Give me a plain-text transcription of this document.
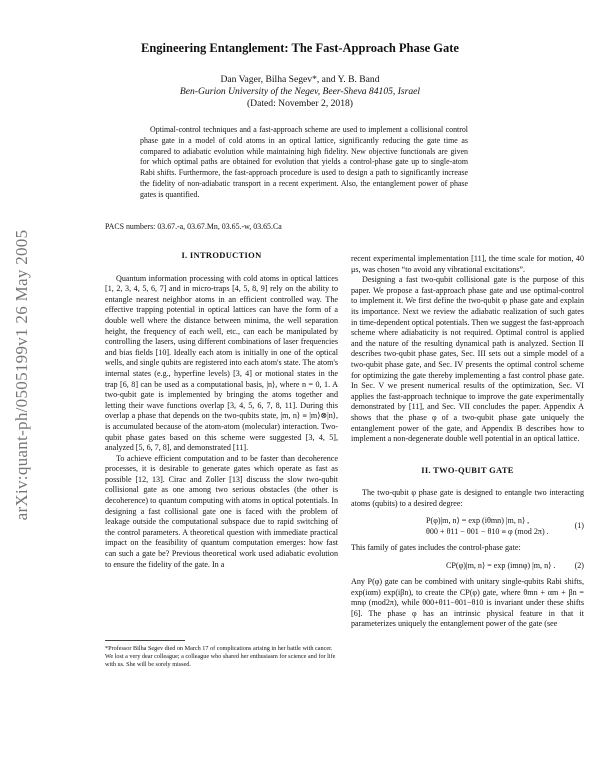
arXiv:quant-ph/0505199v1 26 May 2005
Engineering Entanglement: The Fast-Approach Phase Gate
Dan Vager, Bilha Segev*, and Y. B. Band
Ben-Gurion University of the Negev, Beer-Sheva 84105, Israel
(Dated: November 2, 2018)

Optimal-control techniques and a fast-approach scheme are used to implement a collisional control phase gate in a model of cold atoms in an optical lattice, significantly reducing the gate time as compared to adiabatic evolution while maintaining high fidelity. New objective functionals are given for which optimal paths are obtained for evolution that yields a control-phase gate up to single-atom Rabi shifts. Furthermore, the fast-approach procedure is used to design a path to significantly increase the fidelity of non-adiabatic transport in a recent experiment. Also, the entanglement power of phase gates is quantified.

PACS numbers: 03.67.-a, 03.67.Mn, 03.65.-w, 03.65.Ca
I. INTRODUCTION

Quantum information processing with cold atoms in optical lattices [1, 2, 3, 4, 5, 6, 7] and in micro-traps [4, 5, 8, 9] rely on the ability to entangle nearest neighbor atoms in an efficient controlled way. The effective trapping potential in optical lattices can have the form of a double well where the distance between minima, the well separation height, the frequency of each well, etc., can each be manipulated by controlling the lasers, using different combinations of laser frequencies and bias fields [10]. Ideally each atom is initially in one of the optical wells, and single qubits are registered into each atom's state. The atom's internal states (e.g., hyperfine levels) [3, 4] or motional states in the trap [6, 8] can be used as a computational basis, |n⟩, where n = 0, 1. A two-qubit gate is implemented by bringing the atoms together and letting their wave functions overlap [3, 4, 5, 6, 7, 8, 11]. During this overlap a phase that depends on the two-qubits state, |m, n⟩ ≡ |m⟩⊗|n⟩, is accumulated because of the atom-atom (molecular) interaction. Two-qubit phase gates based on this scheme were suggested [3, 4, 5], analyzed [5, 6, 7, 8], and demonstrated [11].

To achieve efficient computation and to be faster than decoherence processes, it is desirable to generate gates which operate as fast as possible [12, 13]. Cirac and Zoller [13] discuss the slow two-qubit collisional gate as one among two serious obstacles (the other is decoherence) to quantum computing with atoms in optical potentials. In designing a fast collisional gate one is faced with the problem of leakage outside the computational subspace due to rapid switching of the control parameters. A theoretical question with immediate practical impact on the feasibility of quantum computation emerges: how fast can such a gate be? Previous theoretical work used adiabatic evolution to ensure the fidelity of the gate. In a

recent experimental implementation [11], the time scale for motion, 40 μs, was chosen “to avoid any vibrational excitations”.

Designing a fast two-qubit collisional gate is the purpose of this paper. We propose a fast-approach phase gate and use optimal-control to implement it. We first define the two-qubit φ phase gate and explain its importance. Next we review the adiabatic realization of such gates in time-dependent optical potentials. Then we suggest the fast-approach scheme where adiabaticity is not required. Optimal control is applied and the nature of the resulting dynamical path is analyzed. Section II describes two-qubit phase gates, Sec. III sets out a simple model of a two-qubit phase gate, and Sec. IV presents the optimal control scheme for optimizing the gate thereby implementing a fast control phase gate. In Sec. V we present numerical results of the optimization, Sec. VI applies the fast-approach technique to improve the gate experimentally demonstrated by [11], and Sec. VII concludes the paper. Appendix A shows that the phase φ of a two-qubit phase gate uniquely the entanglement power of the gate, and Appendix B describes how to implement a non-degenerate double well potential in an optical lattice.

II. TWO-QUBIT GATE

The two-qubit φ phase gate is designed to entangle two interacting atoms (qubits) to a desired degree:

P(φ)|m, n⟩ = exp (iθmn) |m, n⟩ ,
θ00 + θ11 − θ01 − θ10 ≡ φ (mod 2π) .
(1)

This family of gates includes the control-phase gate:

CP(φ)|m, n⟩ = exp (imnφ) |m, n⟩ .	(2)

Any P(φ) gate can be combined with unitary single-qubits Rabi shifts, exp(iαm) exp(iβn), to create the CP(φ) gate, where θmn + αm + βn = mnφ (mod2π), while θ00+θ11−θ01−θ10 is invariant under these shifts [6]. The phase φ has an intrinsic physical feature in that it parameterizes uniquely the entanglement power of the gate (see

*Professor Bilha Segev died on March 17 of complications arising in her battle with cancer. We lost a very dear colleague; a colleague who shared her enthusiasm for science and for life with us. She will be sorely missed.
